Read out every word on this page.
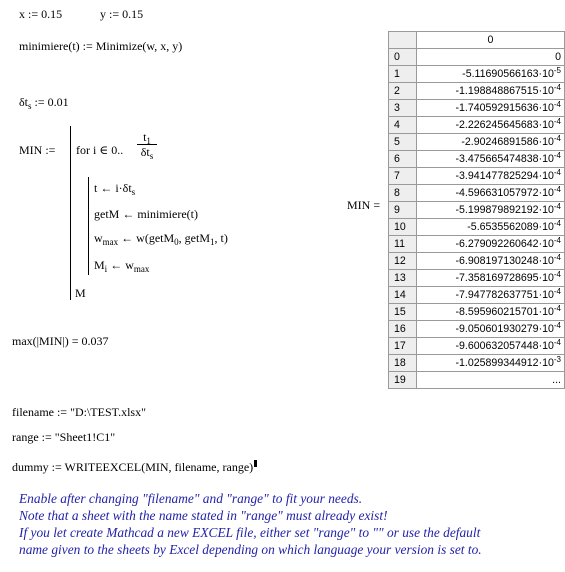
x := 0.15	y := 0.15
minimiere(t) := Minimize(w, x, y)
$\delta t_s$ := 0.01
MIN := for i ∈ 0..
$t_1$
$\delta t_s$
t ← $i\cdot\delta t_s$
getM ← minimiere(t)
$w_{max}$ ← w(getM$_0$, getM$_1$, t)
$M_i$ ← $w_{max}$
M
max(|MIN|) = 0.037
MIN =
	0
0	0
1	$-5.11690566163\cdot 10^{-5}$
2	$-1.198848867515\cdot 10^{-4}$
3	$-1.740592915636\cdot 10^{-4}$
4	$-2.226245645683\cdot 10^{-4}$
5	$-2.90246891586\cdot 10^{-4}$
6	$-3.475665474838\cdot 10^{-4}$
7	$-3.941477825294\cdot 10^{-4}$
8	$-4.596631057972\cdot 10^{-4}$
9	$-5.199879892192\cdot 10^{-4}$
10	$-5.6535562089\cdot 10^{-4}$
11	$-6.279092260642\cdot 10^{-4}$
12	$-6.908197130248\cdot 10^{-4}$
13	$-7.358169728695\cdot 10^{-4}$
14	$-7.947782637751\cdot 10^{-4}$
15	$-8.595960215701\cdot 10^{-4}$
16	$-9.050601930279\cdot 10^{-4}$
17	$-9.600632057448\cdot 10^{-4}$
18	$-1.025899344912\cdot 10^{-3}$
19	...
filename := "D:\TEST.xlsx"
range := "Sheet1!C1"
dummy := WRITEEXCEL(MIN, filename, range)
Enable after changing "filename" and "range" to fit your needs.
Note that a sheet with the name stated in "range" must already exist!
If you let create Mathcad a new EXCEL file, either set "range" to "" or use the default
name given to the sheets by Excel depending on which language your version is set to.
